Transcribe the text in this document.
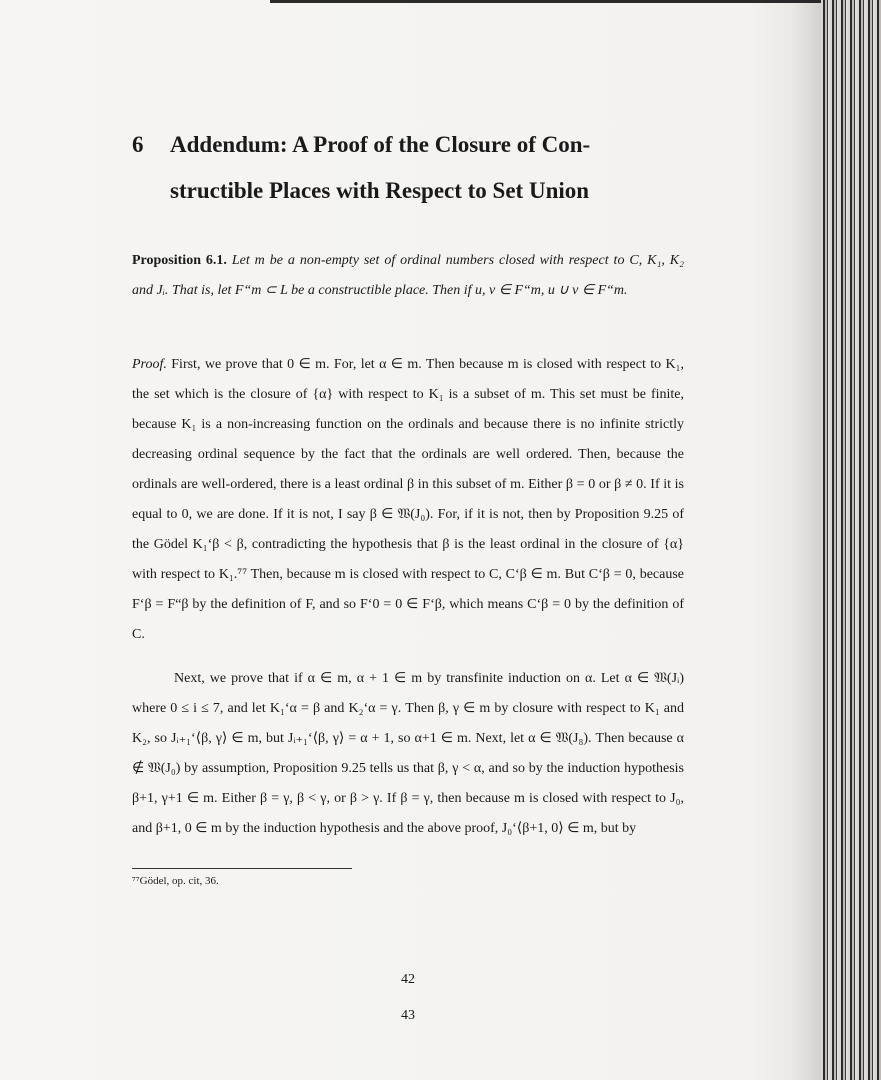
6 Addendum: A Proof of the Closure of Con-
structible Places with Respect to Set Union

Proposition 6.1. Let m be a non-empty set of ordinal numbers closed with respect to C, K₁, K₂ and Jᵢ. That is, let F“m ⊂ L be a constructible place. Then if u, v ∈ F“m, u ∪ v ∈ F“m.

Proof. First, we prove that 0 ∈ m. For, let α ∈ m. Then because m is closed with respect to K₁, the set which is the closure of {α} with respect to K₁ is a subset of m. This set must be finite, because K₁ is a non-increasing function on the ordinals and because there is no infinite strictly decreasing ordinal sequence by the fact that the ordinals are well ordered. Then, because the ordinals are well-ordered, there is a least ordinal β in this subset of m. Either β = 0 or β ≠ 0. If it is equal to 0, we are done. If it is not, I say β ∈ 𝔚(J₀). For, if it is not, then by Proposition 9.25 of the Gödel K₁‘β < β, contradicting the hypothesis that β is the least ordinal in the closure of {α} with respect to K₁.⁷⁷ Then, because m is closed with respect to C, C‘β ∈ m. But C‘β = 0, because F‘β = F“β by the definition of F, and so F‘0 = 0 ∈ F‘β, which means C‘β = 0 by the definition of C.

Next, we prove that if α ∈ m, α + 1 ∈ m by transfinite induction on α. Let α ∈ 𝔚(Jᵢ) where 0 ≤ i ≤ 7, and let K₁‘α = β and K₂‘α = γ. Then β, γ ∈ m by closure with respect to K₁ and K₂, so Jᵢ₊₁‘⟨β, γ⟩ ∈ m, but Jᵢ₊₁‘⟨β, γ⟩ = α + 1, so α+1 ∈ m. Next, let α ∈ 𝔚(J₈). Then because α ∉ 𝔚(J₀) by assumption, Proposition 9.25 tells us that β, γ < α, and so by the induction hypothesis β+1, γ+1 ∈ m. Either β = γ, β < γ, or β > γ. If β = γ, then because m is closed with respect to J₀, and β+1, 0 ∈ m by the induction hypothesis and the above proof, J₀‘⟨β+1, 0⟩ ∈ m, but by

⁷⁷Gödel, op. cit, 36.
42
43
